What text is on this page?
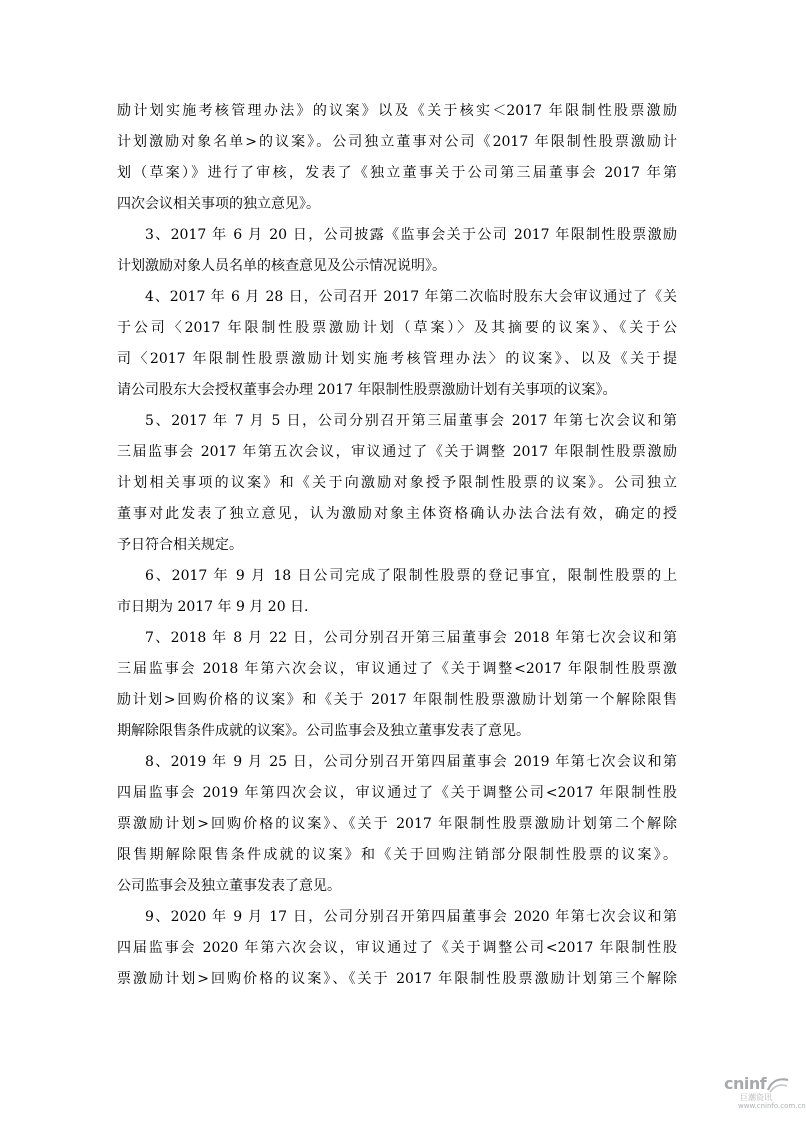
励计划实施考核管理办法》的议案》以及《关于核实＜2017 年限制性股票激励
计划激励对象名单>的议案》。公司独立董事对公司《2017 年限制性股票激励计
划（草案）》进行了审核，发表了《独立董事关于公司第三届董事会 2017 年第
四次会议相关事项的独立意见》。
3、2017 年 6 月 20 日，公司披露《监事会关于公司 2017 年限制性股票激励
计划激励对象人员名单的核查意见及公示情况说明》。
4、2017 年 6 月 28 日，公司召开 2017 年第二次临时股东大会审议通过了《关
于公司〈2017 年限制性股票激励计划（草案）〉及其摘要的议案》、《关于公
司〈2017 年限制性股票激励计划实施考核管理办法〉的议案》、以及《关于提
请公司股东大会授权董事会办理 2017 年限制性股票激励计划有关事项的议案》。
5、2017 年 7 月 5 日，公司分别召开第三届董事会 2017 年第七次会议和第
三届监事会 2017 年第五次会议，审议通过了《关于调整 2017 年限制性股票激励
计划相关事项的议案》和《关于向激励对象授予限制性股票的议案》。公司独立
董事对此发表了独立意见，认为激励对象主体资格确认办法合法有效，确定的授
予日符合相关规定。
6、2017 年 9 月 18 日公司完成了限制性股票的登记事宜，限制性股票的上
市日期为 2017 年 9 月 20 日.
7、2018 年 8 月 22 日，公司分别召开第三届董事会 2018 年第七次会议和第
三届监事会 2018 年第六次会议，审议通过了《关于调整<2017 年限制性股票激
励计划>回购价格的议案》和《关于 2017 年限制性股票激励计划第一个解除限售
期解除限售条件成就的议案》。公司监事会及独立董事发表了意见。
8、2019 年 9 月 25 日，公司分别召开第四届董事会 2019 年第七次会议和第
四届监事会 2019 年第四次会议，审议通过了《关于调整公司<2017 年限制性股
票激励计划>回购价格的议案》、《关于 2017 年限制性股票激励计划第二个解除
限售期解除限售条件成就的议案》和《关于回购注销部分限制性股票的议案》。
公司监事会及独立董事发表了意见。
9、2020 年 9 月 17 日，公司分别召开第四届董事会 2020 年第七次会议和第
四届监事会 2020 年第六次会议，审议通过了《关于调整公司<2017 年限制性股
票激励计划>回购价格的议案》、《关于 2017 年限制性股票激励计划第三个解除
cninf
巨潮资讯
www.cninfo.com.cn
